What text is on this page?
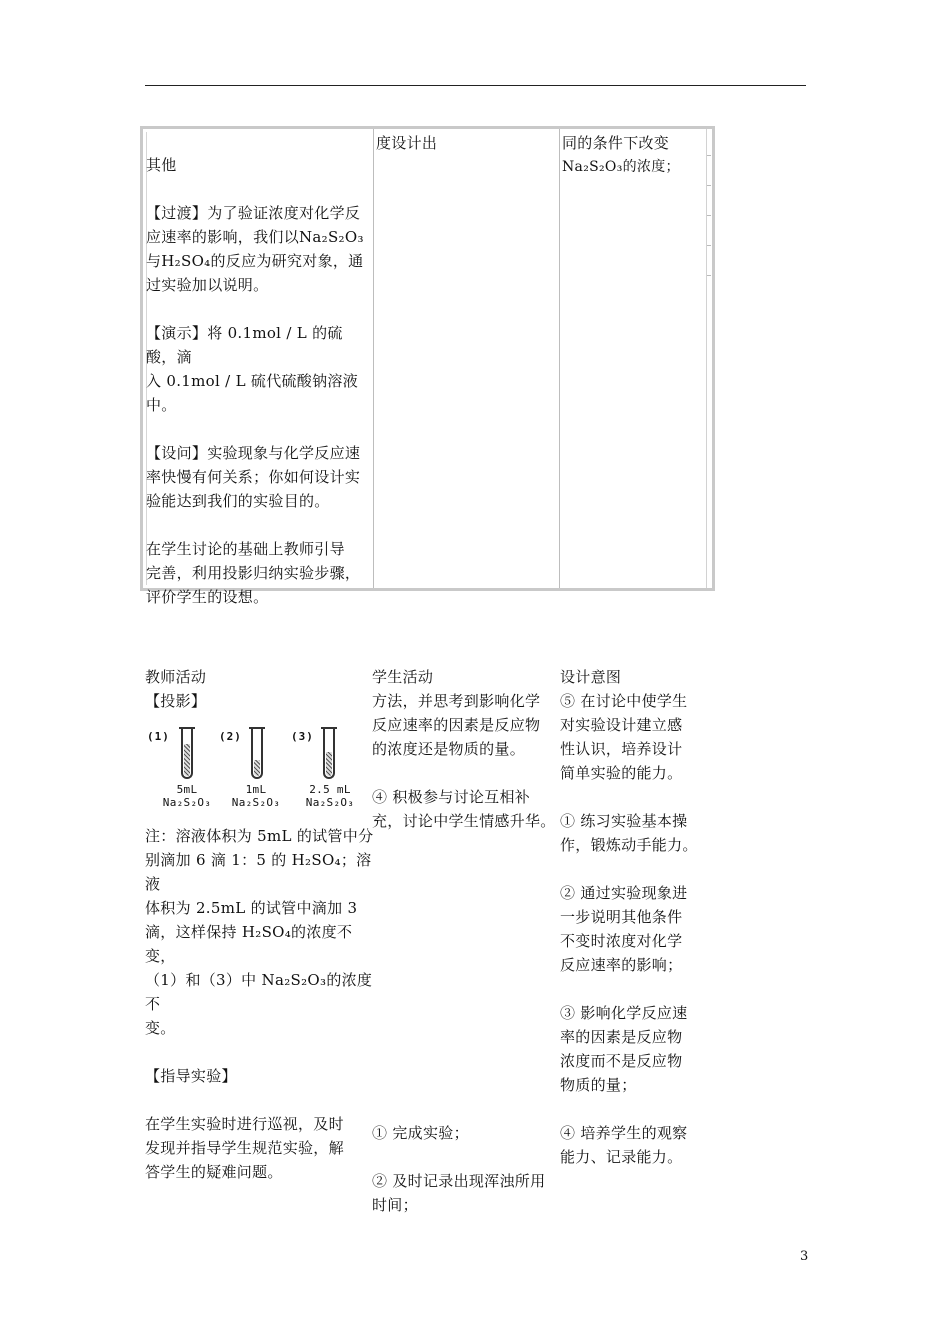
其他
【过渡】为了验证浓度对化学反
应速率的影响，我们以Na₂S₂O₃
与H₂SO₄的反应为研究对象，通
过实验加以说明。
【演示】将 0.1mol / L 的硫酸，滴
入 0.1mol / L 硫代硫酸钠溶液
中。
【设问】实验现象与化学反应速
率快慢有何关系；你如何设计实
验能达到我们的实验目的。
在学生讨论的基础上教师引导
完善，利用投影归纳实验步骤，
评价学生的设想。
度设计出	同的条件下改变
Na₂S₂O₃的浓度；
教师活动
【投影】
(1)
5mL
Na₂S₂O₃
(2)
1mL
Na₂S₂O₃
(3)
2.5 mL
Na₂S₂O₃
注：溶液体积为 5mL 的试管中分
别滴加 6 滴 1：5 的 H₂SO₄；溶液
体积为 2.5mL 的试管中滴加 3
滴，这样保持 H₂SO₄的浓度不变，
（1）和（3）中 Na₂S₂O₃的浓度不
变。
【指导实验】
在学生实验时进行巡视，及时
发现并指导学生规范实验，解
答学生的疑难问题。
学生活动
方法，并思考到影响化学
反应速率的因素是反应物
的浓度还是物质的量。
④ 积极参与讨论互相补
充，讨论中学生情感升华。
① 完成实验；
② 及时记录出现浑浊所用
时间；
设计意图
⑤ 在讨论中使学生
对实验设计建立感
性认识，培养设计
简单实验的能力。
① 练习实验基本操
作，锻炼动手能力。
② 通过实验现象进
一步说明其他条件
不变时浓度对化学
反应速率的影响；
③ 影响化学反应速
率的因素是反应物
浓度而不是反应物
物质的量；
④ 培养学生的观察
能力、记录能力。
3
